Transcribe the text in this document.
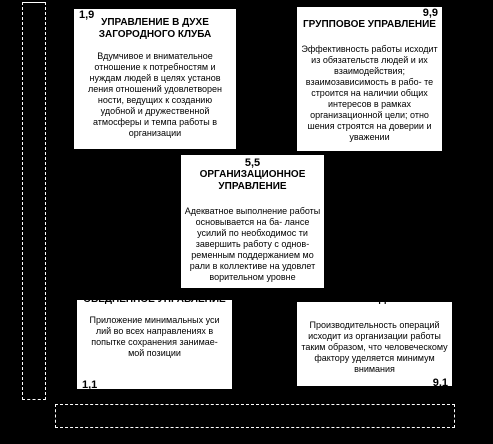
1,9
УПРАВЛЕНИЕ В ДУХЕ ЗАГОРОДНОГО КЛУБА
Вдумчивое и внимательное отношение к потребностям и нуждам людей в целях установ ления отношений удовлетворен ности, ведущих к созданию удобной и дружественной атмосферы и темпа работы в организации
9,9
ГРУППОВОЕ УПРАВЛЕНИЕ
Эффективность работы исходит из обязательств людей и их взаимодействия; взаимозависимость в рабо- те строится на наличии общих интересов в рамках организационной цели; отно шения строятся на доверии и уважении
5,5
ОРГАНИЗАЦИОННОЕ УПРАВЛЕНИЕ
Адекватное выполнение работы основывается на ба- лансе усилий по необходимос ти завершить работу с однов- ременным поддержанием мо рали в коллективе на удовлет ворительном уровне
ОБЕДНЕННОЕ УПРАВЛЕНИЕ
Приложение минимальных уси лий во всех направлениях в попытке сохранения занимае- мой позиции
1,1
ВЛАСТЬ - ПОДЧИНЕНИЕ
Производительность операций исходит из организации работы таким образом, что человеческому фактору уделяется минимум внимания
9,1
